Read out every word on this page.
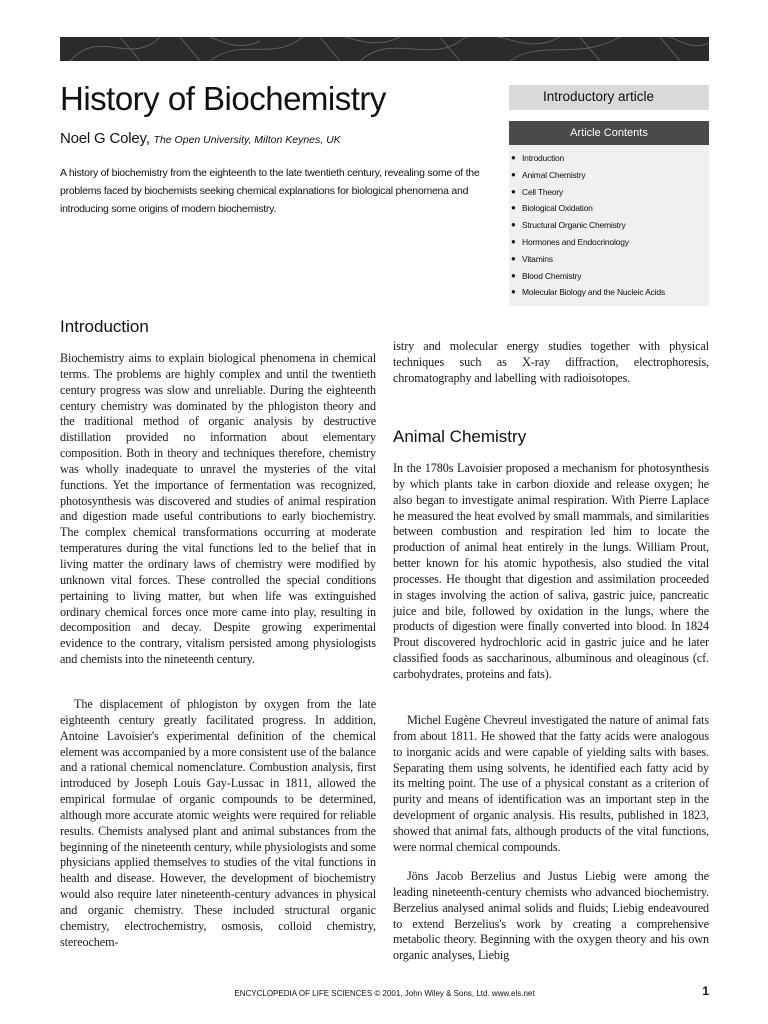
History of Biochemistry
Noel G Coley, The Open University, Milton Keynes, UK

A history of biochemistry from the eighteenth to the late twentieth century, revealing some of the problems faced by biochemists seeking chemical explanations for biological phenomena and introducing some origins of modern biochemistry.

Introductory article
Article Contents
● Introduction
● Animal Chemistry
● Cell Theory
● Biological Oxidation
● Structural Organic Chemistry
● Hormones and Endocrinology
● Vitamins
● Blood Chemistry
● Molecular Biology and the Nucleic Acids
Introduction

Biochemistry aims to explain biological phenomena in chemical terms. The problems are highly complex and until the twentieth century progress was slow and unreliable. During the eighteenth century chemistry was dominated by the phlogiston theory and the traditional method of organic analysis by destructive distillation provided no information about elementary composition. Both in theory and techniques therefore, chemistry was wholly inadequate to unravel the mysteries of the vital functions. Yet the importance of fermentation was recognized, photosynthesis was discovered and studies of animal respiration and digestion made useful contributions to early biochemistry. The complex chemical transformations occurring at moderate temperatures during the vital functions led to the belief that in living matter the ordinary laws of chemistry were modified by unknown vital forces. These controlled the special conditions pertaining to living matter, but when life was extinguished ordinary chemical forces once more came into play, resulting in decomposition and decay. Despite growing experimental evidence to the contrary, vitalism persisted among physiologists and chemists into the nineteenth century.

The displacement of phlogiston by oxygen from the late eighteenth century greatly facilitated progress. In addition, Antoine Lavoisier's experimental definition of the chemical element was accompanied by a more consistent use of the balance and a rational chemical nomenclature. Combustion analysis, first introduced by Joseph Louis Gay-Lussac in 1811, allowed the empirical formulae of organic compounds to be determined, although more accurate atomic weights were required for reliable results. Chemists analysed plant and animal substances from the beginning of the nineteenth century, while physiologists and some physicians applied themselves to studies of the vital functions in health and disease. However, the development of biochemistry would also require later nineteenth-century advances in physical and organic chemistry. These included structural organic chemistry, electrochemistry, osmosis, colloid chemistry, stereochem-

istry and molecular energy studies together with physical techniques such as X-ray diffraction, electrophoresis, chromatography and labelling with radioisotopes.

Animal Chemistry

In the 1780s Lavoisier proposed a mechanism for photosynthesis by which plants take in carbon dioxide and release oxygen; he also began to investigate animal respiration. With Pierre Laplace he measured the heat evolved by small mammals, and similarities between combustion and respiration led him to locate the production of animal heat entirely in the lungs. William Prout, better known for his atomic hypothesis, also studied the vital processes. He thought that digestion and assimilation proceeded in stages involving the action of saliva, gastric juice, pancreatic juice and bile, followed by oxidation in the lungs, where the products of digestion were finally converted into blood. In 1824 Prout discovered hydrochloric acid in gastric juice and he later classified foods as saccharinous, albuminous and oleaginous (cf. carbohydrates, proteins and fats).

Michel Eugène Chevreul investigated the nature of animal fats from about 1811. He showed that the fatty acids were analogous to inorganic acids and were capable of yielding salts with bases. Separating them using solvents, he identified each fatty acid by its melting point. The use of a physical constant as a criterion of purity and means of identification was an important step in the development of organic analysis. His results, published in 1823, showed that animal fats, although products of the vital functions, were normal chemical compounds.

Jöns Jacob Berzelius and Justus Liebig were among the leading nineteenth-century chemists who advanced biochemistry. Berzelius analysed animal solids and fluids; Liebig endeavoured to extend Berzelius's work by creating a comprehensive metabolic theory. Beginning with the oxygen theory and his own organic analyses, Liebig

ENCYCLOPEDIA OF LIFE SCIENCES © 2001, John Wiley & Sons, Ltd. www.els.net	1
